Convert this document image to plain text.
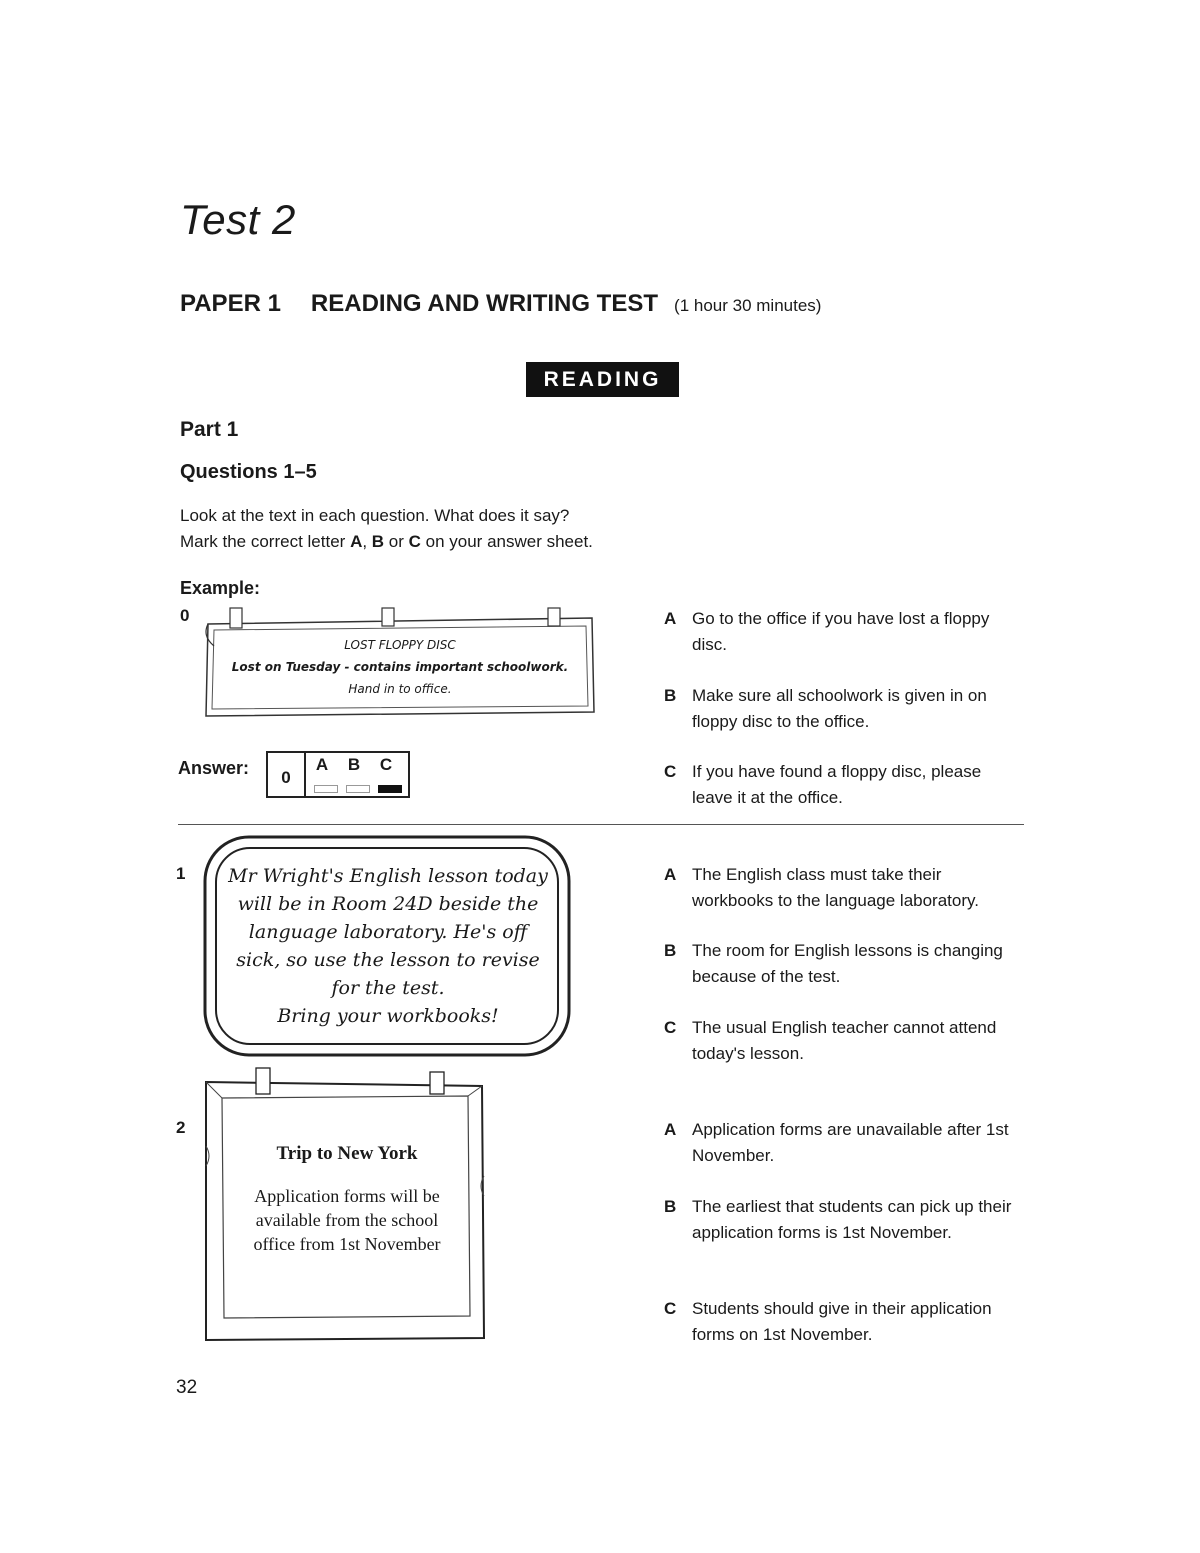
Test 2
PAPER 1 READING AND WRITING TEST (1 hour 30 minutes)
READING
Part 1
Questions 1–5
Look at the text in each question. What does it say?
Mark the correct letter A, B or C on your answer sheet.
Example:
0
LOST FLOPPY DISC
Lost on Tuesday - contains important schoolwork.
Hand in to office.
Answer:	0
A B C
A Go to the office if you have lost a floppy disc.
B Make sure all schoolwork is given in on floppy disc to the office.
C If you have found a floppy disc, please leave it at the office.
1	Mr Wright's English lesson today
will be in Room 24D beside the
language laboratory. He's off
sick, so use the lesson to revise
for the test.
Bring your workbooks!
A The English class must take their workbooks to the language laboratory.
B The room for English lessons is changing because of the test.
C The usual English teacher cannot attend today's lesson.
2
Trip to New York
Application forms will be
available from the school
office from 1st November
A Application forms are unavailable after 1st November.
B The earliest that students can pick up their application forms is 1st November.
C Students should give in their application forms on 1st November.
32
